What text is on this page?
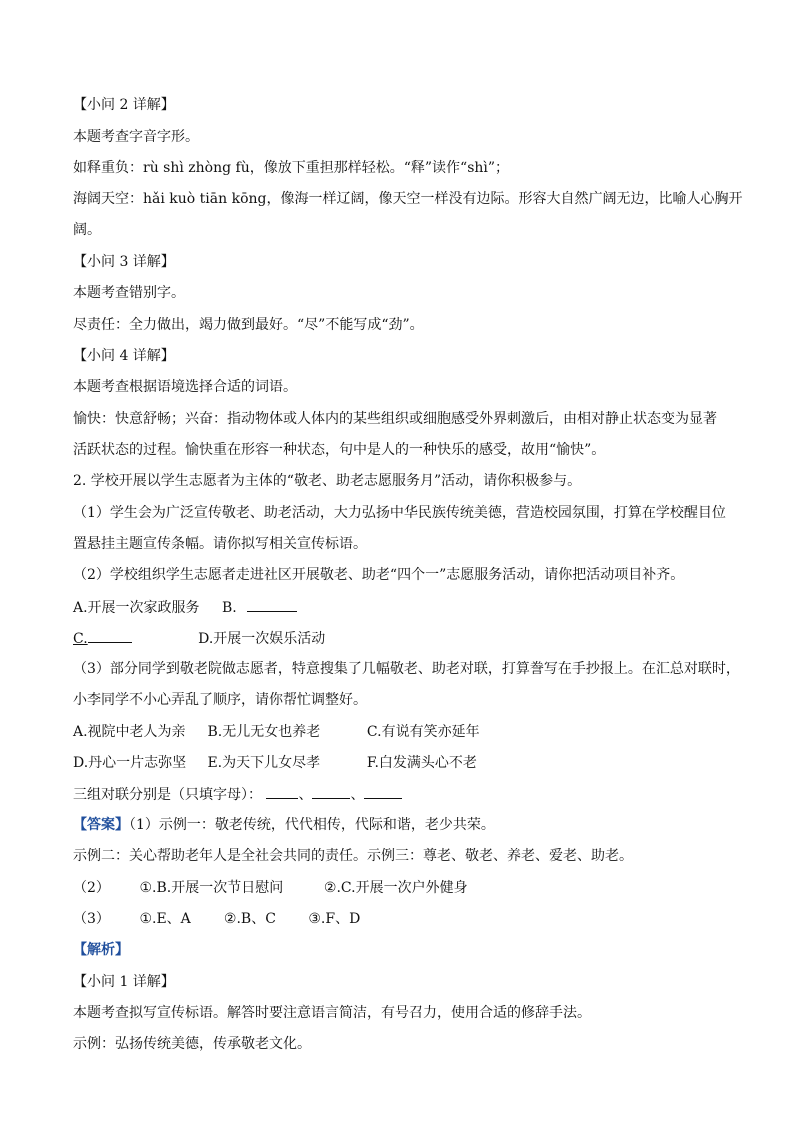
【小问 2 详解】
本题考查字音字形。
如释重负：rù shì zhòng fù，像放下重担那样轻松。“释”读作“shì”；
海阔天空：hǎi kuò tiān kōng，像海一样辽阔，像天空一样没有边际。形容大自然广阔无边，比喻人心胸开
阔。
【小问 3 详解】
本题考查错别字。
尽责任：全力做出，竭力做到最好。“尽”不能写成“劲”。
【小问 4 详解】
本题考查根据语境选择合适的词语。
愉快：快意舒畅；兴奋：指动物体或人体内的某些组织或细胞感受外界刺激后，由相对静止状态变为显著
活跃状态的过程。愉快重在形容一种状态，句中是人的一种快乐的感受，故用“愉快”。
2. 学校开展以学生志愿者为主体的“敬老、助老志愿服务月”活动，请你积极参与。
（1）学生会为广泛宣传敬老、助老活动，大力弘扬中华民族传统美德，营造校园氛围，打算在学校醒目位
置悬挂主题宣传条幅。请你拟写相关宣传标语。
（2）学校组织学生志愿者走进社区开展敬老、助老“四个一”志愿服务活动，请你把活动项目补齐。
A.开展一次家政服务 B.
C.	D.开展一次娱乐活动
（3）部分同学到敬老院做志愿者，特意搜集了几幅敬老、助老对联，打算誊写在手抄报上。在汇总对联时，
小李同学不小心弄乱了顺序，请你帮忙调整好。
A.视院中老人为亲 B.无儿无女也养老	C.有说有笑亦延年
D.丹心一片志弥坚 E.为天下儿女尽孝	F.白发满头心不老
三组对联分别是（只填字母）：	、	、
【答案】（1）示例一：敬老传统，代代相传，代际和谐，老少共荣。
示例二：关心帮助老年人是全社会共同的责任。示例三：尊老、敬老、养老、爱老、助老。
（2） ①.B.开展一次节日慰问	②.C.开展一次户外健身
（3） ①.E、A ②.B、C ③.F、D
【解析】
【小问 1 详解】
本题考查拟写宣传标语。解答时要注意语言简洁，有号召力，使用合适的修辞手法。
示例：弘扬传统美德，传承敬老文化。
